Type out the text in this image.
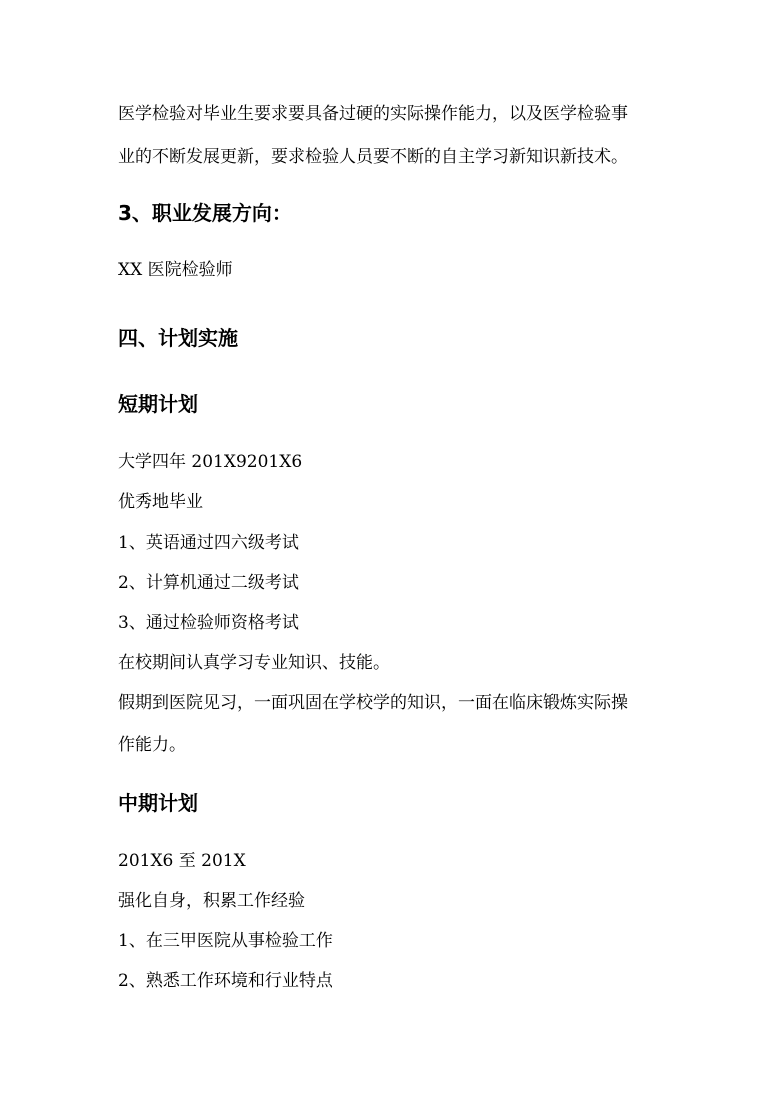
医学检验对毕业生要求要具备过硬的实际操作能力，以及医学检验事
业的不断发展更新，要求检验人员要不断的自主学习新知识新技术。
3、职业发展方向：
XX 医院检验师
四、计划实施
短期计划
大学四年 201X9201X6
优秀地毕业
1、英语通过四六级考试
2、计算机通过二级考试
3、通过检验师资格考试
在校期间认真学习专业知识、技能。
假期到医院见习，一面巩固在学校学的知识，一面在临床锻炼实际操
作能力。
中期计划
201X6 至 201X
强化自身，积累工作经验
1、在三甲医院从事检验工作
2、熟悉工作环境和行业特点
